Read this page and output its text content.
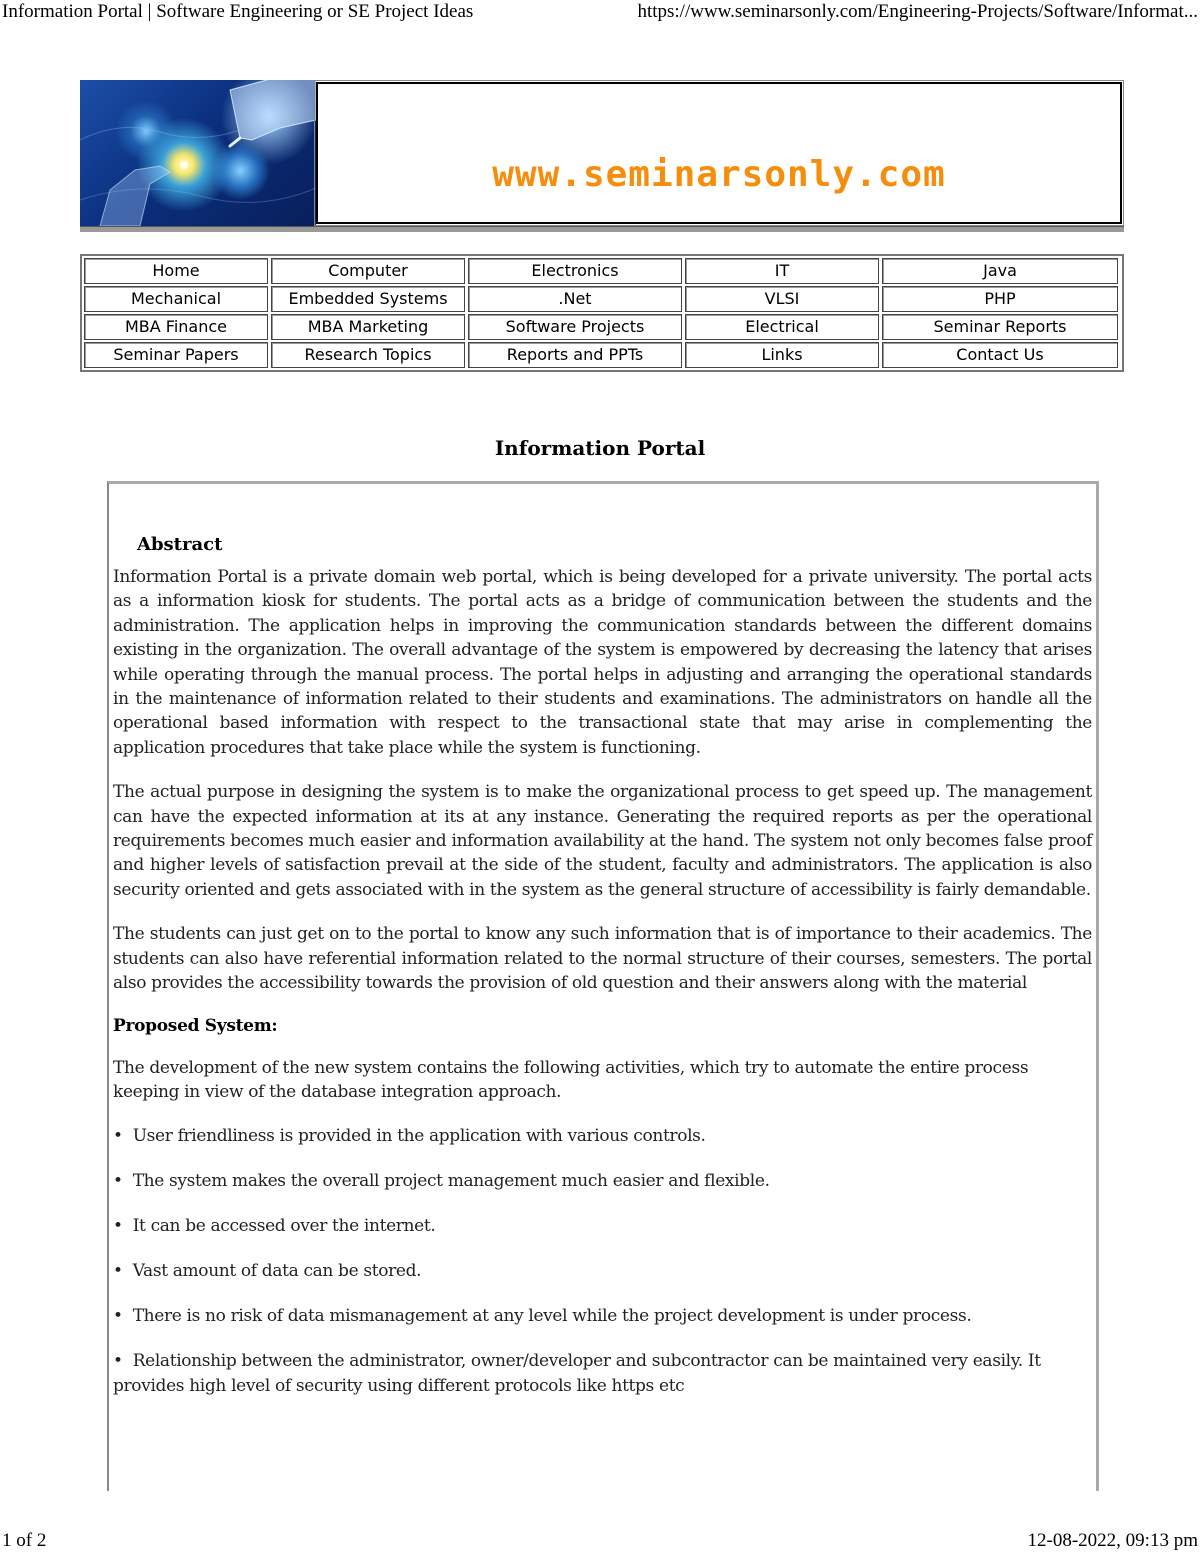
Information Portal | Software Engineering or SE Project Ideas	https://www.seminarsonly.com/Engineering-Projects/Software/Informat...
www.seminarsonly.com
Home	Computer	Electronics	IT	Java
Mechanical	Embedded Systems	.Net	VLSI	PHP
MBA Finance	MBA Marketing	Software Projects	Electrical	Seminar Reports
Seminar Papers	Research Topics	Reports and PPTs	Links	Contact Us
Information Portal
Abstract

Information Portal is a private domain web portal, which is being developed for a private university. The portal acts as a information kiosk for students. The portal acts as a bridge of communication between the students and the administration. The application helps in improving the communication standards between the different domains existing in the organization. The overall advantage of the system is empowered by decreasing the latency that arises while operating through the manual process. The portal helps in adjusting and arranging the operational standards in the maintenance of information related to their students and examinations. The administrators on handle all the operational based information with respect to the transactional state that may arise in complementing the application procedures that take place while the system is functioning.

The actual purpose in designing the system is to make the organizational process to get speed up. The management can have the expected information at its at any instance. Generating the required reports as per the operational requirements becomes much easier and information availability at the hand. The system not only becomes false proof and higher levels of satisfaction prevail at the side of the student, faculty and administrators. The application is also security oriented and gets associated with in the system as the general structure of accessibility is fairly demandable.

The students can just get on to the portal to know any such information that is of importance to their academics. The students can also have referential information related to the normal structure of their courses, semesters. The portal also provides the accessibility towards the provision of old question and their answers along with the material

Proposed System:

The development of the new system contains the following activities, which try to automate the entire process keeping in view of the database integration approach.

• User friendliness is provided in the application with various controls.

• The system makes the overall project management much easier and flexible.

• It can be accessed over the internet.

• Vast amount of data can be stored.

• There is no risk of data mismanagement at any level while the project development is under process.

• Relationship between the administrator, owner/developer and subcontractor can be maintained very easily. It provides high level of security using different protocols like https etc

1 of 2	12-08-2022, 09:13 pm
